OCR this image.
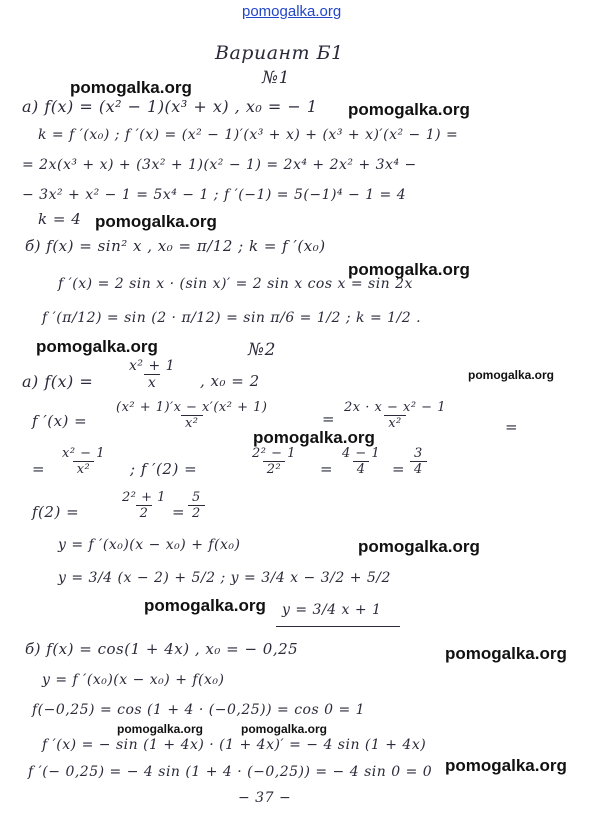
pomogalka.org
Вариант Б1
№1
а) f(x) = (x² − 1)(x³ + x) , x₀ = − 1
k = f ′(x₀) ; f ′(x) = (x² − 1)′(x³ + x) + (x³ + x)′(x² − 1) =
= 2x(x³ + x) + (3x² + 1)(x² − 1) = 2x⁴ + 2x² + 3x⁴ −
− 3x² + x² − 1 = 5x⁴ − 1 ; f ′(−1) = 5(−1)⁴ − 1 = 4
k = 4
б) f(x) = sin² x , x₀ = π/12 ; k = f ′(x₀)
f ′(x) = 2 sin x · (sin x)′ = 2 sin x cos x = sin 2x
f ′(π/12) = sin (2 · π/12) = sin π/6 = 1/2 ; k = 1/2 .
№2
а) $f(x) = \frac{\text{x² + 1}}{x}$ , x₀ = 2
f $'(x) = \frac{\text{(x² + 1)′x − x′(x² + 1)}}{\text{x²}}$	= $\frac{\text{2x · x − x² − 1}}{\text{x²}}$	=
= $\frac{\text{x² − 1}}{\text{x²}}$ ; f ′(2) =	$\frac{\text{2² − 1}}{\text{2²}} = \frac{4 - 1}{4} = \frac{3}{4}$
f(2) =	$\frac{\text{2² + 1}}{2} = \frac{5}{2}$
y = f ′(x₀)(x − x₀) + f(x₀)
y = 3/4 (x − 2) + 5/2 ; y = 3/4 x − 3/2 + 5/2
y = 3/4 x + 1
б) f(x) = cos(1 + 4x) , x₀ = − 0,25
y = f ′(x₀)(x − x₀) + f(x₀)
f(−0,25) = cos (1 + 4 · (−0,25)) = cos 0 = 1
f ′(x) = − sin (1 + 4x) · (1 + 4x)′ = − 4 sin (1 + 4x)
f ′(− 0,25) = − 4 sin (1 + 4 · (−0,25)) = − 4 sin 0 = 0
− 37 −
pomogalka.org
pomogalka.org
pomogalka.org
pomogalka.org
pomogalka.org
pomogalka.org
pomogalka.org
pomogalka.org
pomogalka.org
pomogalka.org
pomogalka.org	pomogalka.org
pomogalka.org
